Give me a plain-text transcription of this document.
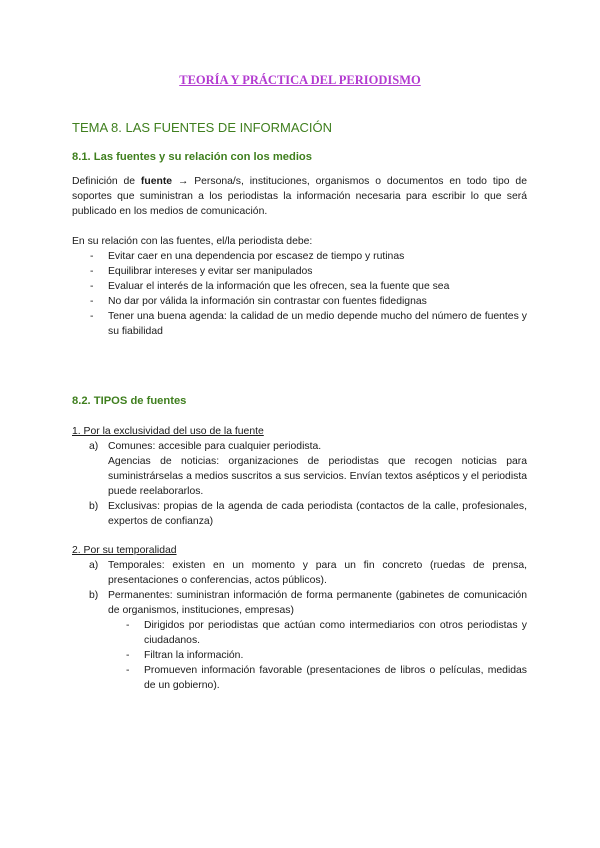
TEORÍA Y PRÁCTICA DEL PERIODISMO
TEMA 8. LAS FUENTES DE INFORMACIÓN
8.1. Las fuentes y su relación con los medios
Definición de fuente → Persona/s, instituciones, organismos o documentos en todo tipo de soportes que suministran a los periodistas la información necesaria para escribir lo que será publicado en los medios de comunicación.
En su relación con las fuentes, el/la periodista debe:
- Evitar caer en una dependencia por escasez de tiempo y rutinas
- Equilibrar intereses y evitar ser manipulados
- Evaluar el interés de la información que les ofrecen, sea la fuente que sea
- No dar por válida la información sin contrastar con fuentes fidedignas
- Tener una buena agenda: la calidad de un medio depende mucho del número de fuentes y su fiabilidad
8.2. TIPOS de fuentes
1. Por la exclusividad del uso de la fuente
a) Comunes: accesible para cualquier periodista.
Agencias de noticias: organizaciones de periodistas que recogen noticias para suministrárselas a medios suscritos a sus servicios. Envían textos asépticos y el periodista puede reelaborarlos.
b) Exclusivas: propias de la agenda de cada periodista (contactos de la calle, profesionales, expertos de confianza)
2. Por su temporalidad
a) Temporales: existen en un momento y para un fin concreto (ruedas de prensa, presentaciones o conferencias, actos públicos).
b) Permanentes: suministran información de forma permanente (gabinetes de comunicación de organismos, instituciones, empresas)
- Dirigidos por periodistas que actúan como intermediarios con otros periodistas y ciudadanos.
- Filtran la información.
- Promueven información favorable (presentaciones de libros o películas, medidas de un gobierno).
